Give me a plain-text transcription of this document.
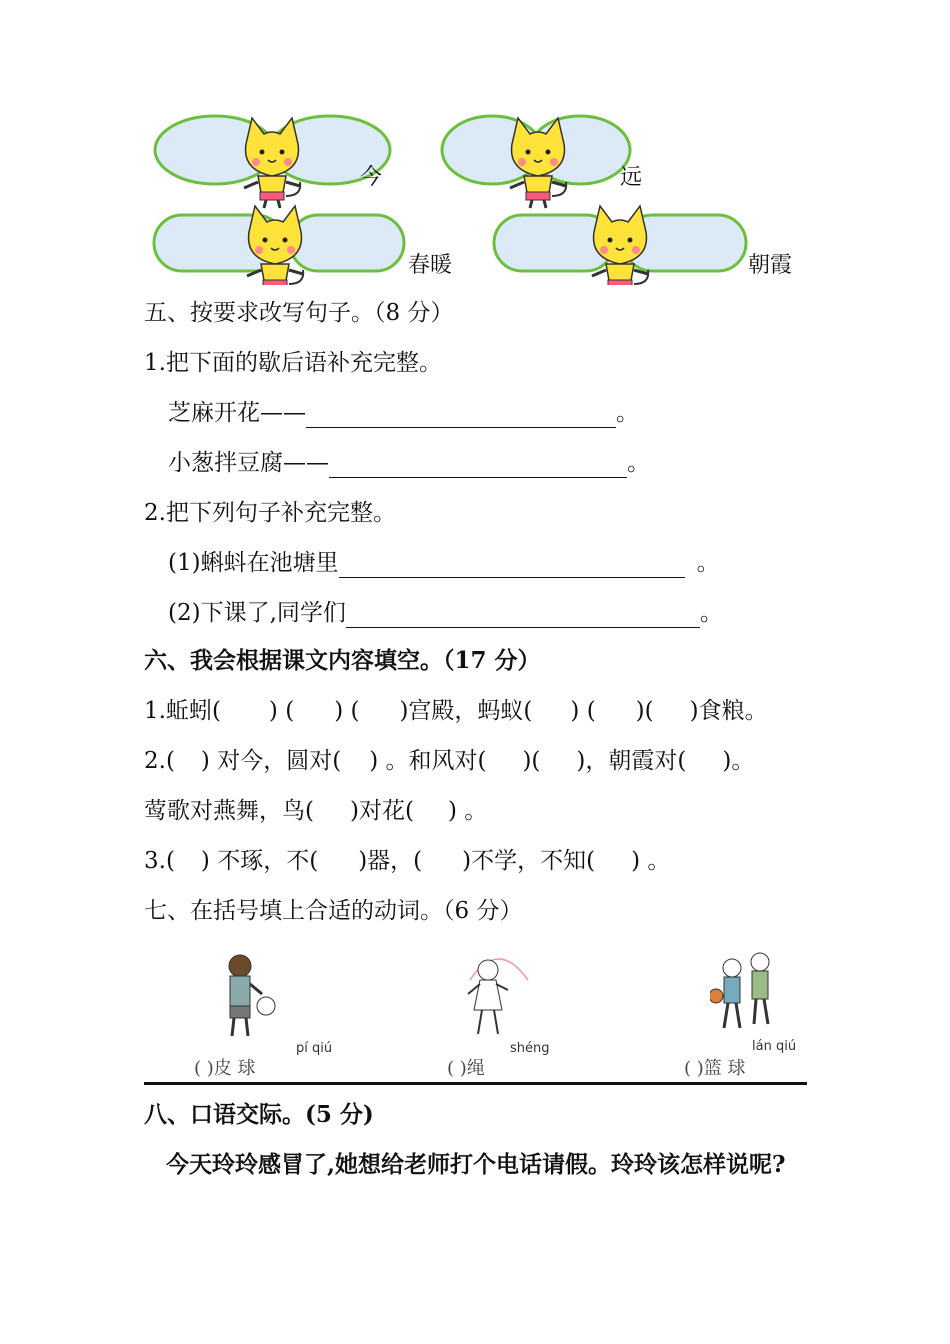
今	远
春暖	朝霞
五、按要求改写句子。（8 分）
1.把下面的歇后语补充完整。
芝麻开花——	。
小葱拌豆腐——	。
2.把下列句子补充完整。
(1)蝌蚪在池塘里	。
(2)下课了,同学们	。
六、我会根据课文内容填空。（17 分）
1.蚯蚓( ) ( ) ( )宫殿，蚂蚁( ) ( )( )食粮。
2.( ) 对今，圆对( ) 。和风对( )( )，朝霞对( )。
莺歌对燕舞，鸟( )对花( ) 。
3.( ) 不琢，不( )器，( )不学，不知( ) 。
七、在括号填上合适的动词。（6 分）
pí qiú
( )皮 球
shéng
( )绳
lán qiú
( )篮 球
八、口语交际。(5 分)
今天玲玲感冒了,她想给老师打个电话请假。玲玲该怎样说呢?
